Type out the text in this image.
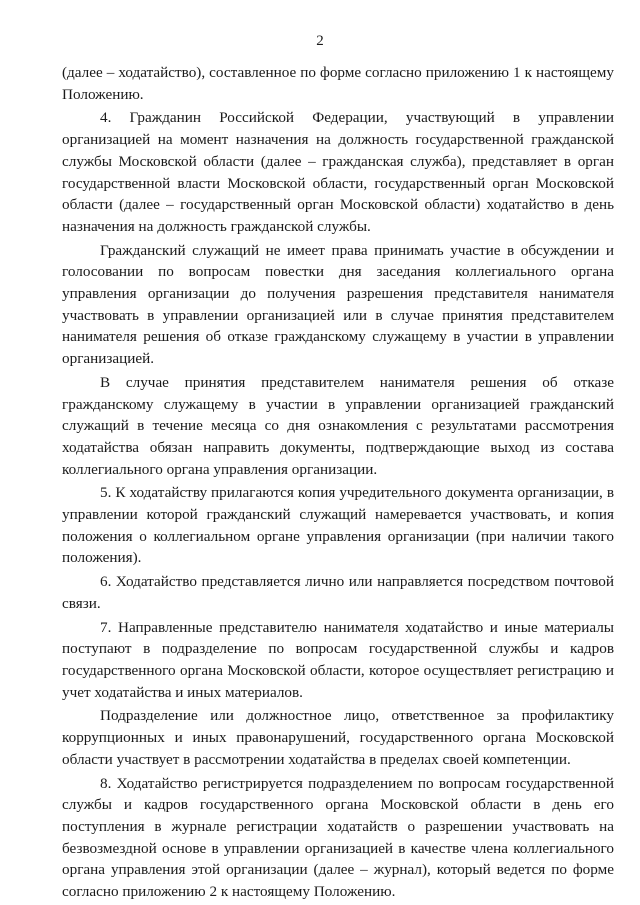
2

(далее – ходатайство), составленное по форме согласно приложению 1 к настоящему Положению.

4. Гражданин Российской Федерации, участвующий в управлении организацией на момент назначения на должность государственной гражданской службы Московской области (далее – гражданская служба), представляет в орган государственной власти Московской области, государственный орган Московской области (далее – государственный орган Московской области) ходатайство в день назначения на должность гражданской службы.

Гражданский служащий не имеет права принимать участие в обсуждении и голосовании по вопросам повестки дня заседания коллегиального органа управления организации до получения разрешения представителя нанимателя участвовать в управлении организацией или в случае принятия представителем нанимателя решения об отказе гражданскому служащему в участии в управлении организацией.

В случае принятия представителем нанимателя решения об отказе гражданскому служащему в участии в управлении организацией гражданский служащий в течение месяца со дня ознакомления с результатами рассмотрения ходатайства обязан направить документы, подтверждающие выход из состава коллегиального органа управления организации.

5. К ходатайству прилагаются копия учредительного документа организации, в управлении которой гражданский служащий намеревается участвовать, и копия положения о коллегиальном органе управления организации (при наличии такого положения).

6. Ходатайство представляется лично или направляется посредством почтовой связи.

7. Направленные представителю нанимателя ходатайство и иные материалы поступают в подразделение по вопросам государственной службы и кадров государственного органа Московской области, которое осуществляет регистрацию и учет ходатайства и иных материалов.

Подразделение или должностное лицо, ответственное за профилактику коррупционных и иных правонарушений, государственного органа Московской области участвует в рассмотрении ходатайства в пределах своей компетенции.

8. Ходатайство регистрируется подразделением по вопросам государственной службы и кадров государственного органа Московской области в день его поступления в журнале регистрации ходатайств о разрешении участвовать на безвозмездной основе в управлении организацией в качестве члена коллегиального органа управления этой организации (далее – журнал), который ведется по форме согласно приложению 2 к настоящему Положению.
